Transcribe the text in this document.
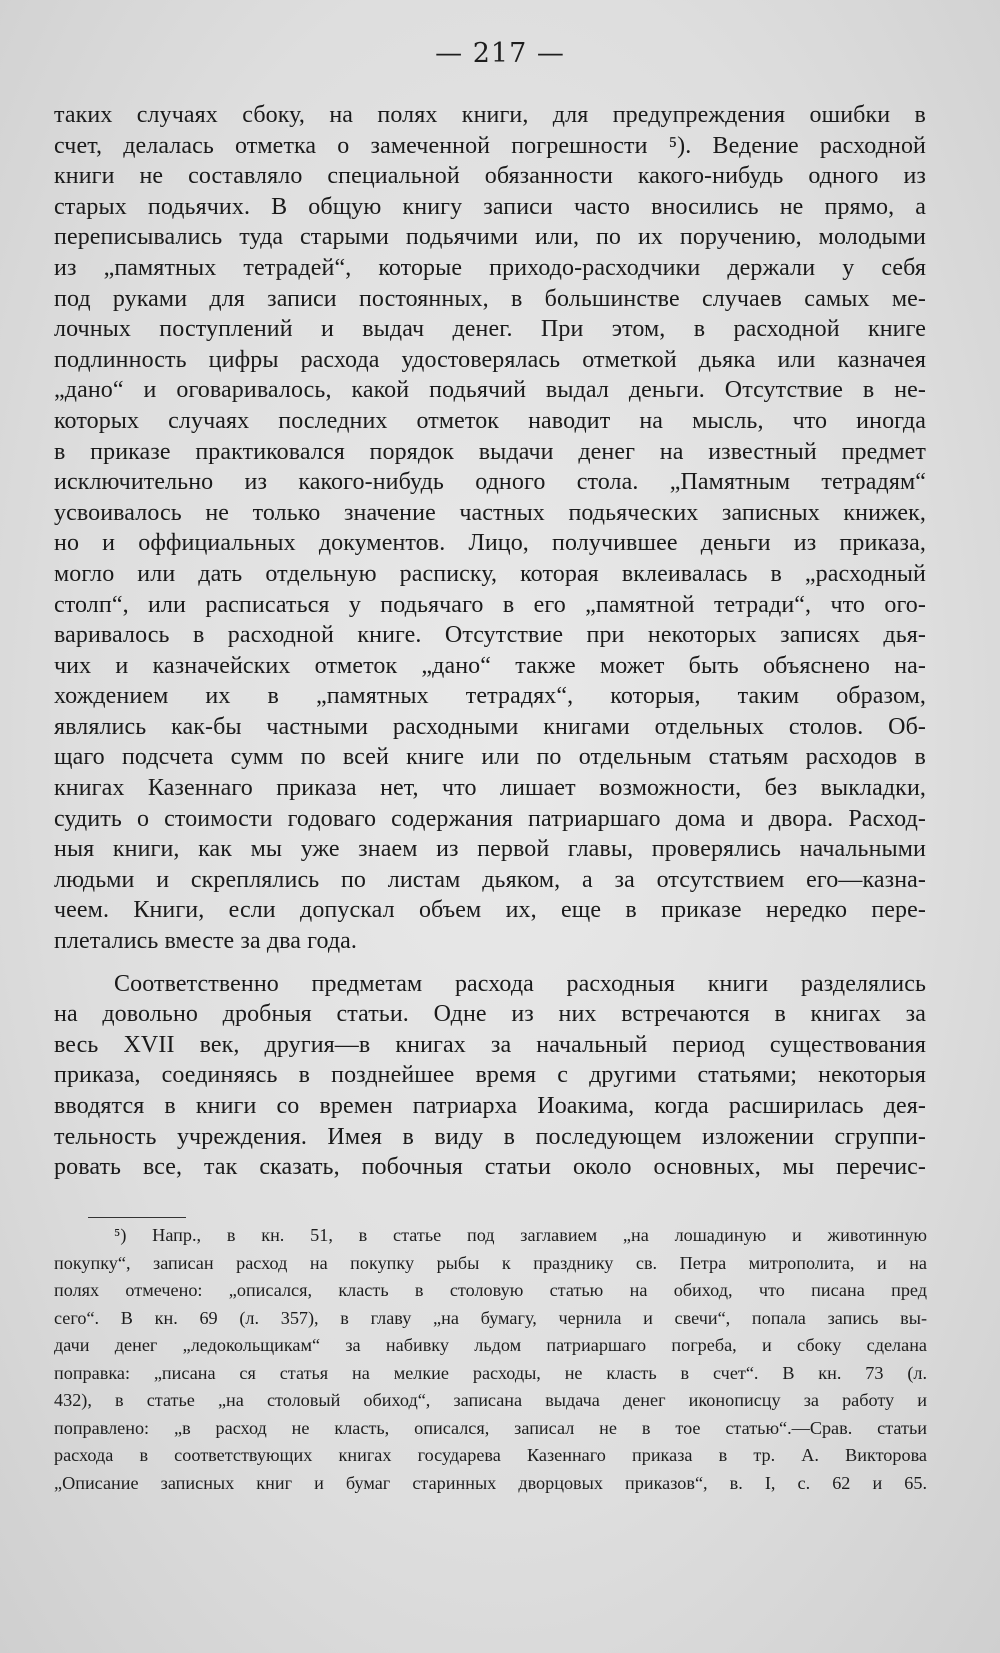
— 217 —
таких случаях сбоку, на полях книги, для предупреждения ошибки в
счет, делалась отметка о замеченной погрешности ⁵). Ведение расходной
книги не составляло специальной обязанности какого-нибудь одного из
старых подьячих. В общую книгу записи часто вносились не прямо, а
переписывались туда старыми подьячими или, по их поручению, молодыми
из „памятных тетрадей“, которые приходо-расходчики держали у себя
под руками для записи постоянных, в большинстве случаев самых ме-
лочных поступлений и выдач денег. При этом, в расходной книге
подлинность цифры расхода удостоверялась отметкой дьяка или казначея
„дано“ и оговаривалось, какой подьячий выдал деньги. Отсутствие в не-
которых случаях последних отметок наводит на мысль, что иногда
в приказе практиковался порядок выдачи денег на известный предмет
исключительно из какого-нибудь одного стола. „Памятным тетрадям“
усвоивалось не только значение частных подьяческих записных книжек,
но и оффициальных документов. Лицо, получившее деньги из приказа,
могло или дать отдельную расписку, которая вклеивалась в „расходный
столп“, или расписаться у подьячаго в его „памятной тетради“, что ого-
варивалось в расходной книге. Отсутствие при некоторых записях дья-
чих и казначейских отметок „дано“ также может быть объяснено на-
хождением их в „памятных тетрадях“, которыя, таким образом,
являлись как-бы частными расходными книгами отдельных столов. Об-
щаго подсчета сумм по всей книге или по отдельным статьям расходов в
книгах Казеннаго приказа нет, что лишает возможности, без выкладки,
судить о стоимости годоваго содержания патриаршаго дома и двора. Расход-
ныя книги, как мы уже знаем из первой главы, проверялись начальными
людьми и скреплялись по листам дьяком, а за отсутствием его—казна-
чеем. Книги, если допускал объем их, еще в приказе нередко пере-
плетались вместе за два года.
Соответственно предметам расхода расходныя книги разделялись
на довольно дробныя статьи. Одне из них встречаются в книгах за
весь XVII век, другия—в книгах за начальный период существования
приказа, соединяясь в позднейшее время с другими статьями; некоторыя
вводятся в книги со времен патриарха Иоакима, когда расширилась дея-
тельность учреждения. Имея в виду в последующем изложении сгруппи-
ровать все, так сказать, побочныя статьи около основных, мы перечис-
⁵) Напр., в кн. 51, в статье под заглавием „на лошадиную и животинную
покупку“, записан расход на покупку рыбы к празднику св. Петра митрополита, и на
полях отмечено: „описался, класть в столовую статью на обиход, что писана пред
сего“. В кн. 69 (л. 357), в главу „на бумагу, чернила и свечи“, попала запись вы-
дачи денег „ледокольщикам“ за набивку льдом патриаршаго погреба, и сбоку сделана
поправка: „писана ся статья на мелкие расходы, не класть в счет“. В кн. 73 (л.
432), в статье „на столовый обиход“, записана выдача денег иконописцу за работу и
поправлено: „в расход не класть, описался, записал не в тое статью“.—Срав. статьи
расхода в соответствующих книгах государева Казеннаго приказа в тр. А. Викторова
„Описание записных книг и бумаг старинных дворцовых приказов“, в. I, с. 62 и 65.
